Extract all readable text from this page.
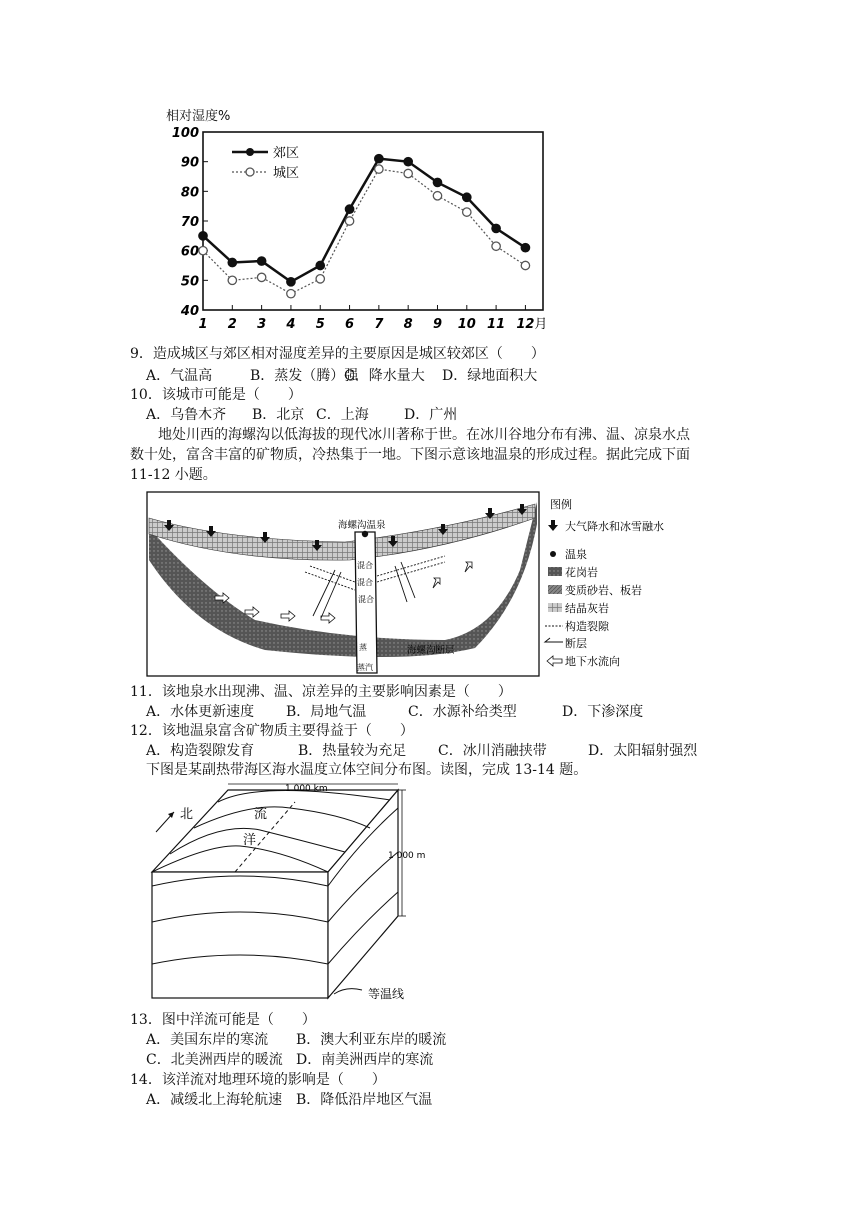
相对湿度%
40
50
60
70
80
90
100
1 2 3 4 5 6 7 8 9 10 11 12 月
郊区
城区
9．造成城区与郊区相对湿度差异的主要原因是城区较郊区（　　）
A．气温高	B．蒸发（腾）强C．降水量大 D．绿地面积大
10．该城市可能是（　　）
A．乌鲁木齐 B．北京 C．上海	D．广州
地处川西的海螺沟以低海拔的现代冰川著称于世。在冰川谷地分布有沸、温、凉泉水点
数十处，富含丰富的矿物质，冷热集于一地。下图示意该地温泉的形成过程。据此完成下面
11-12 小题。
海螺沟温泉
混合
混合
混合
蒸
蒸汽
海螺沟断层
图例
大气降水和冰雪融水
温泉
花岗岩
变质砂岩、板岩
结晶灰岩
构造裂隙
断层
地下水流向
11．该地泉水出现沸、温、凉差异的主要影响因素是（　　）
A．水体更新速度 B．局地气温	C．水源补给类型	D．下渗深度
12．该地温泉富含矿物质主要得益于（　　）
A．构造裂隙发育	B．热量较为充足 C．冰川消融挟带	D．太阳辐射强烈
下图是某副热带海区海水温度立体空间分布图。读图，完成 13-14 题。
1 000 km
1 000 m
北	流
洋
等温线
13．图中洋流可能是（　　）
A．美国东岸的寒流 B．澳大利亚东岸的暖流
C．北美洲西岸的暖流 D．南美洲西岸的寒流
14．该洋流对地理环境的影响是（　　）
A．减缓北上海轮航速 B．降低沿岸地区气温
